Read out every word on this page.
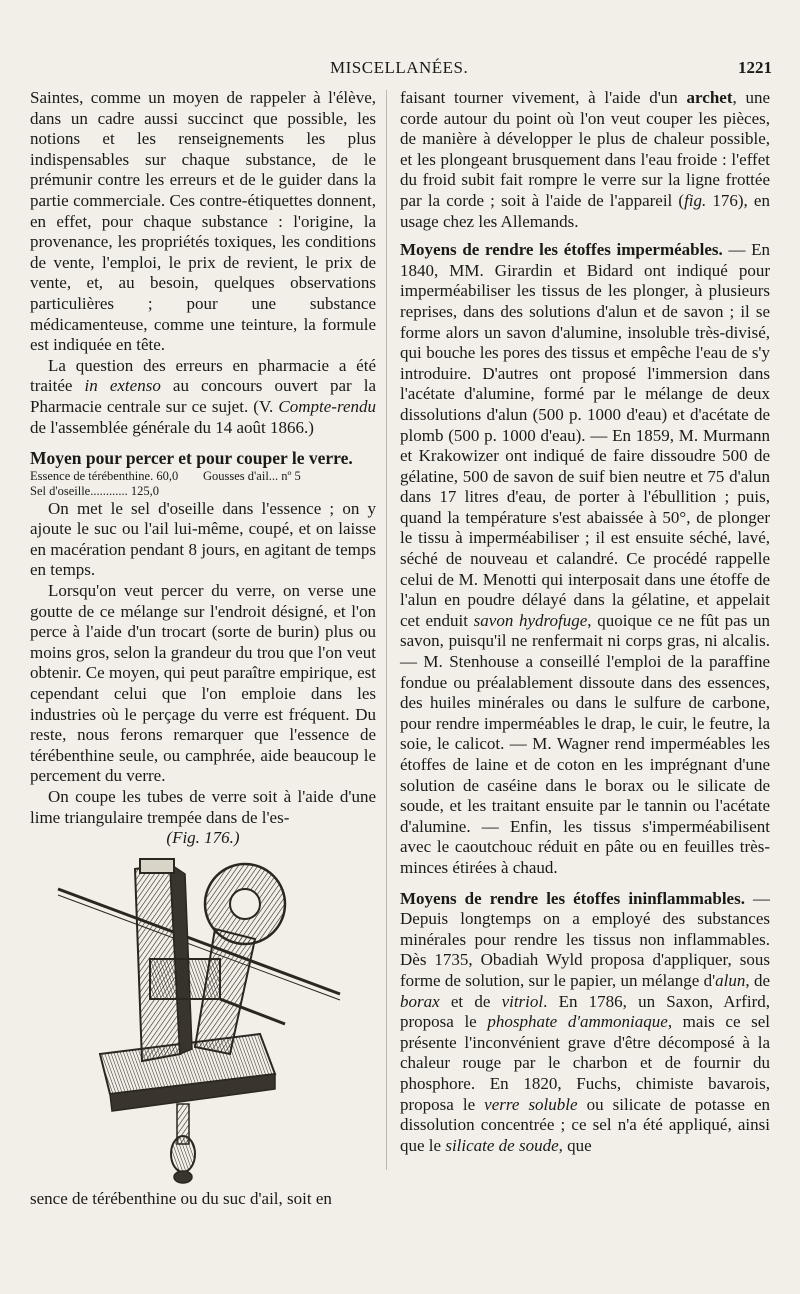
MISCELLANÉES.	1221

Saintes, comme un moyen de rappeler à l'élève, dans un cadre aussi succinct que possible, les notions et les renseignements les plus indispensables sur chaque substance, de le prémunir contre les erreurs et de le guider dans la partie commerciale. Ces contre-étiquettes donnent, en effet, pour chaque substance : l'origine, la provenance, les propriétés toxiques, les conditions de vente, l'emploi, le prix de revient, le prix de vente, et, au besoin, quelques observations particulières ; pour une substance médicamenteuse, comme une teinture, la formule est indiquée en tête.

La question des erreurs en pharmacie a été traitée in extenso au concours ouvert par la Pharmacie centrale sur ce sujet. (V. Compte-rendu de l'assemblée générale du 14 août 1866.)

Moyen pour percer et pour couper le verre.

Essence de térébenthine. 60,0	Gousses d'ail... nº 5
Sel d'oseille............ 125,0

On met le sel d'oseille dans l'essence ; on y ajoute le suc ou l'ail lui-même, coupé, et on laisse en macération pendant 8 jours, en agitant de temps en temps.

Lorsqu'on veut percer du verre, on verse une goutte de ce mélange sur l'endroit désigné, et l'on perce à l'aide d'un trocart (sorte de burin) plus ou moins gros, selon la grandeur du trou que l'on veut obtenir. Ce moyen, qui peut paraître empirique, est cependant celui que l'on emploie dans les industries où le perçage du verre est fréquent. Du reste, nous ferons remarquer que l'essence de térébenthine seule, ou camphrée, aide beaucoup le percement du verre.

On coupe les tubes de verre soit à l'aide d'une lime triangulaire trempée dans de l'es-

(Fig. 176.)

sence de térébenthine ou du suc d'ail, soit en

faisant tourner vivement, à l'aide d'un archet, une corde autour du point où l'on veut couper les pièces, de manière à développer le plus de chaleur possible, et les plongeant brusquement dans l'eau froide : l'effet du froid subit fait rompre le verre sur la ligne frottée par la corde ; soit à l'aide de l'appareil (fig. 176), en usage chez les Allemands.

Moyens de rendre les étoffes imperméables. — En 1840, MM. Girardin et Bidard ont indiqué pour imperméabiliser les tissus de les plonger, à plusieurs reprises, dans des solutions d'alun et de savon ; il se forme alors un savon d'alumine, insoluble très-divisé, qui bouche les pores des tissus et empêche l'eau de s'y introduire. D'autres ont proposé l'immersion dans l'acétate d'alumine, formé par le mélange de deux dissolutions d'alun (500 p. 1000 d'eau) et d'acétate de plomb (500 p. 1000 d'eau). — En 1859, M. Murmann et Krakowizer ont indiqué de faire dissoudre 500 de gélatine, 500 de savon de suif bien neutre et 75 d'alun dans 17 litres d'eau, de porter à l'ébullition ; puis, quand la température s'est abaissée à 50°, de plonger le tissu à imperméabiliser ; il est ensuite séché, lavé, séché de nouveau et calandré. Ce procédé rappelle celui de M. Menotti qui interposait dans une étoffe de l'alun en poudre délayé dans la gélatine, et appelait cet enduit savon hydrofuge, quoique ce ne fût pas un savon, puisqu'il ne renfermait ni corps gras, ni alcalis. — M. Stenhouse a conseillé l'emploi de la paraffine fondue ou préalablement dissoute dans des essences, des huiles minérales ou dans le sulfure de carbone, pour rendre imperméables le drap, le cuir, le feutre, la soie, le calicot. — M. Wagner rend imperméables les étoffes de laine et de coton en les imprégnant d'une solution de caséine dans le borax ou le silicate de soude, et les traitant ensuite par le tannin ou l'acétate d'alumine. — Enfin, les tissus s'imperméabilisent avec le caoutchouc réduit en pâte ou en feuilles très-minces étirées à chaud.

Moyens de rendre les étoffes ininflammables. — Depuis longtemps on a employé des substances minérales pour rendre les tissus non inflammables. Dès 1735, Obadiah Wyld proposa d'appliquer, sous forme de solution, sur le papier, un mélange d'alun, de borax et de vitriol. En 1786, un Saxon, Arfird, proposa le phosphate d'ammoniaque, mais ce sel présente l'inconvénient grave d'être décomposé à la chaleur rouge par le charbon et de fournir du phosphore. En 1820, Fuchs, chimiste bavarois, proposa le verre soluble ou silicate de potasse en dissolution concentrée ; ce sel n'a été appliqué, ainsi que le silicate de soude, que
